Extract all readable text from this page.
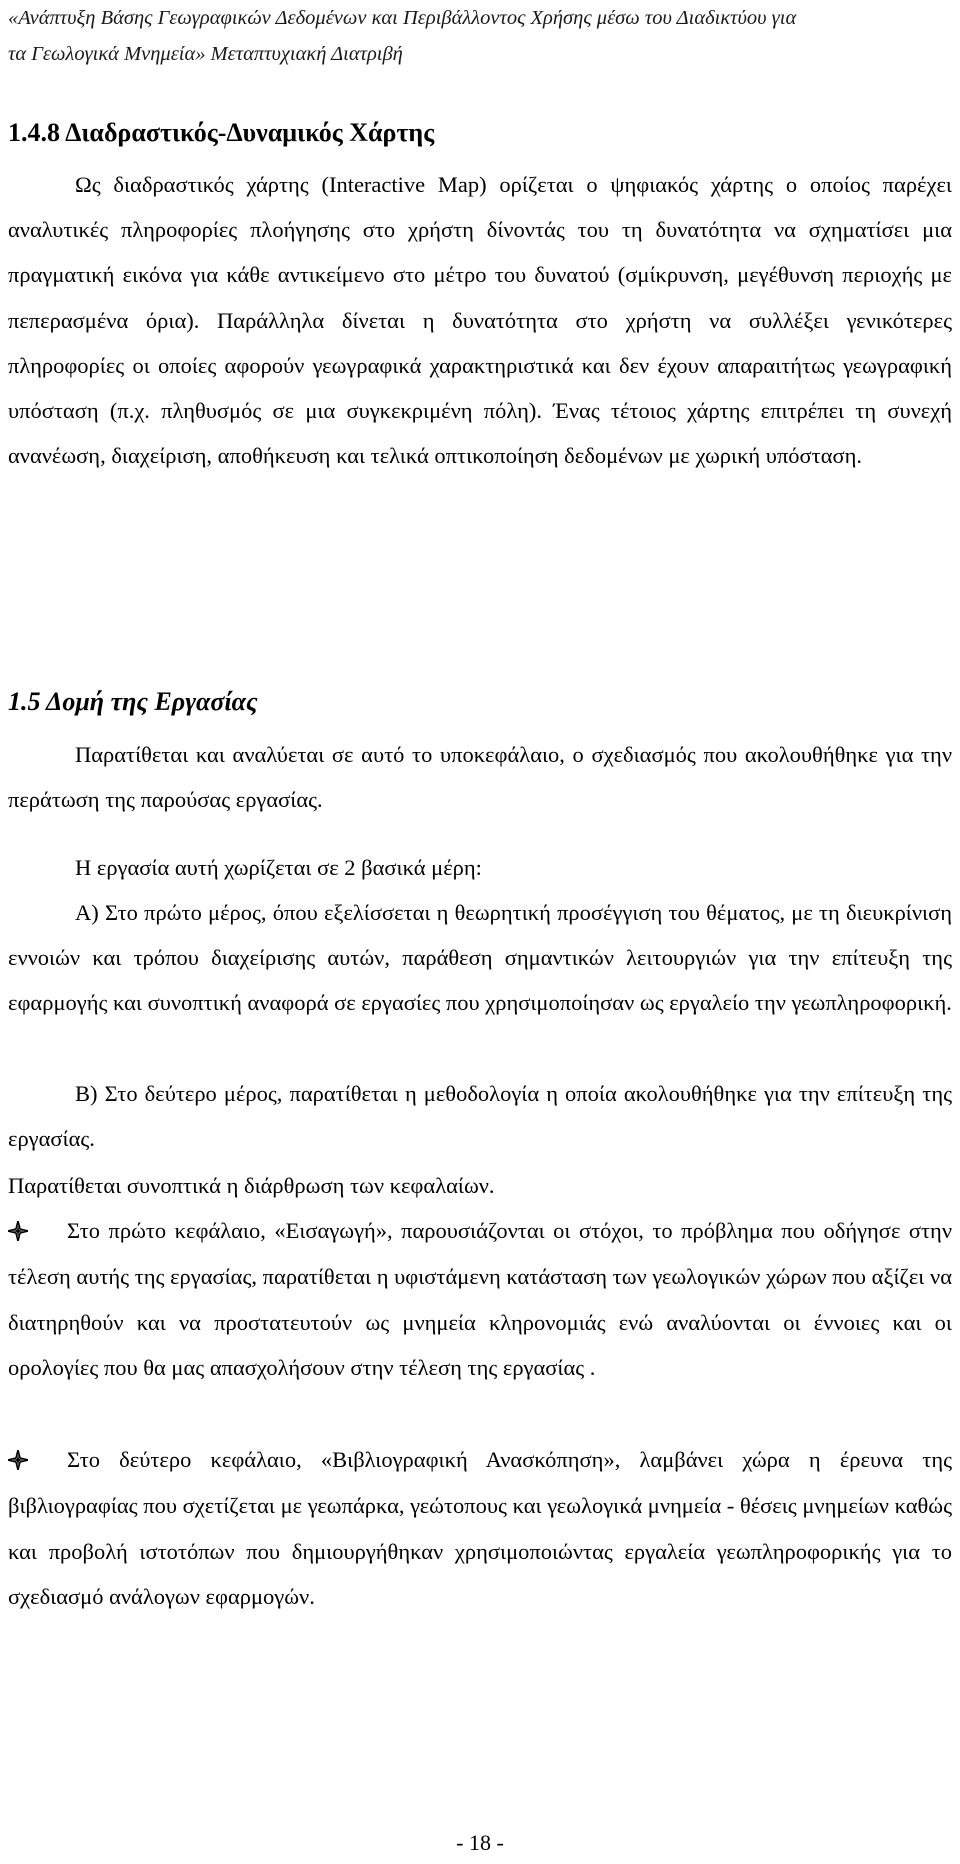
«Ανάπτυξη Βάσης Γεωγραφικών Δεδομένων και Περιβάλλοντος Χρήσης μέσω του Διαδικτύου για
τα Γεωλογικά Μνημεία» Μεταπτυχιακή Διατριβή
1.4.8 Διαδραστικός-Δυναμικός Χάρτης
Ως διαδραστικός χάρτης (Interactive Map) ορίζεται ο ψηφιακός χάρτης ο οποίος παρέχει αναλυτικές πληροφορίες πλοήγησης στο χρήστη δίνοντάς του τη δυνατότητα να σχηματίσει μια πραγματική εικόνα για κάθε αντικείμενο στο μέτρο του δυνατού (σμίκρυνση, μεγέθυνση περιοχής με πεπερασμένα όρια). Παράλληλα δίνεται η δυνατότητα στο χρήστη να συλλέξει γενικότερες πληροφορίες οι οποίες αφορούν γεωγραφικά χαρακτηριστικά και δεν έχουν απαραιτήτως γεωγραφική υπόσταση (π.χ. πληθυσμός σε μια συγκεκριμένη πόλη). Ένας τέτοιος χάρτης επιτρέπει τη συνεχή ανανέωση, διαχείριση, αποθήκευση και τελικά οπτικοποίηση δεδομένων με χωρική υπόσταση.
1.5 Δομή της Εργασίας
Παρατίθεται και αναλύεται σε αυτό το υποκεφάλαιο, ο σχεδιασμός που ακολουθήθηκε για την περάτωση της παρούσας εργασίας.
Η εργασία αυτή χωρίζεται σε 2 βασικά μέρη:
Α) Στο πρώτο μέρος, όπου εξελίσσεται η θεωρητική προσέγγιση του θέματος, με τη διευκρίνιση εννοιών και τρόπου διαχείρισης αυτών, παράθεση σημαντικών λειτουργιών για την επίτευξη της εφαρμογής και συνοπτική αναφορά σε εργασίες που χρησιμοποίησαν ως εργαλείο την γεωπληροφορική.
Β) Στο δεύτερο μέρος, παρατίθεται η μεθοδολογία η οποία ακολουθήθηκε για την επίτευξη της εργασίας.
Παρατίθεται συνοπτικά η διάρθρωση των κεφαλαίων.
Στο πρώτο κεφάλαιο, «Εισαγωγή», παρουσιάζονται οι στόχοι, το πρόβλημα που οδήγησε στην τέλεση αυτής της εργασίας, παρατίθεται η υφιστάμενη κατάσταση των γεωλογικών χώρων που αξίζει να διατηρηθούν και να προστατευτούν ως μνημεία κληρονομιάς ενώ αναλύονται οι έννοιες και οι ορολογίες που θα μας απασχολήσουν στην τέλεση της εργασίας .
Στο δεύτερο κεφάλαιο, «Βιβλιογραφική Ανασκόπηση», λαμβάνει χώρα η έρευνα της βιβλιογραφίας που σχετίζεται με γεωπάρκα, γεώτοπους και γεωλογικά μνημεία - θέσεις μνημείων καθώς και προβολή ιστοτόπων που δημιουργήθηκαν χρησιμοποιώντας εργαλεία γεωπληροφορικής για το σχεδιασμό ανάλογων εφαρμογών.
- 18 -
